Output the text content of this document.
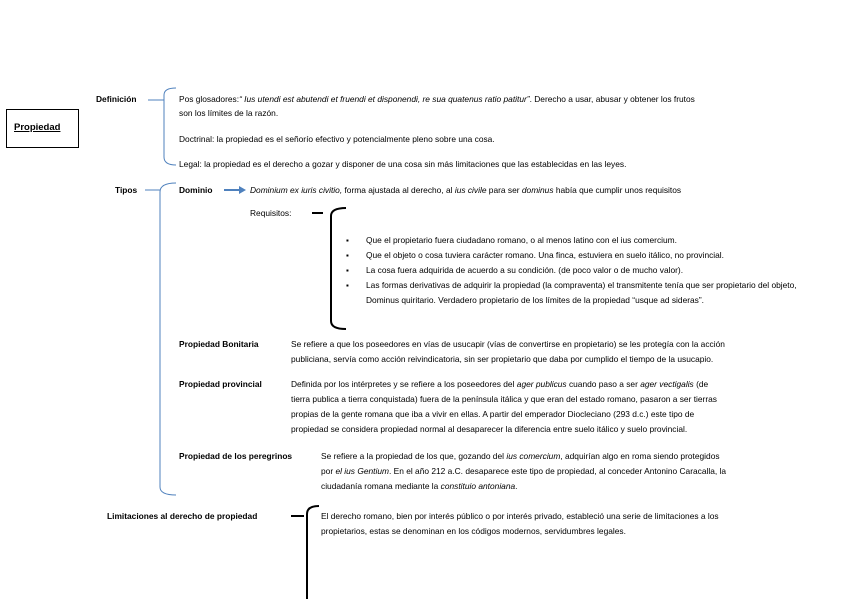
Propiedad
Definición	Pos glosadores:“ Ius utendi est abutendi et fruendi et disponendi, re sua quatenus ratio patitur”. Derecho a usar, abusar y obtener los frutos
son los límites de la razón.
Doctrinal: la propiedad es el señorío efectivo y potencialmente pleno sobre una cosa.
Legal: la propiedad es el derecho a gozar y disponer de una cosa sin más limitaciones que las establecidas en las leyes.
Tipos	Dominio	Dominium ex iuris civitio, forma ajustada al derecho, al ius civile para ser dominus había que cumplir unos requisitos
Requisitos:
▪ Que el propietario fuera ciudadano romano, o al menos latino con el ius comercium.
▪ Que el objeto o cosa tuviera carácter romano. Una finca, estuviera en suelo itálico, no provincial.
▪ La cosa fuera adquirida de acuerdo a su condición. (de poco valor o de mucho valor).
▪ Las formas derivativas de adquirir la propiedad (la compraventa) el transmitente tenía que ser propietario del objeto, Dominus quiritario. Verdadero propietario de los límites de la propiedad “usque ad sideras”.
Propiedad Bonitaria	Se refiere a que los poseedores en vías de usucapir (vías de convertirse en propietario) se les protegía con la acción
publiciana, servía como acción reivindicatoria, sin ser propietario que daba por cumplido el tiempo de la usucapio.
Propiedad provincial	Definida por los intérpretes y se refiere a los poseedores del ager publicus cuando paso a ser ager vectigalis (de
tierra publica a tierra conquistada) fuera de la península itálica y que eran del estado romano, pasaron a ser tierras
propias de la gente romana que iba a vivir en ellas. A partir del emperador Diocleciano (293 d.c.) este tipo de
propiedad se considera propiedad normal al desaparecer la diferencia entre suelo itálico y suelo provincial.
Propiedad de los peregrinos	Se refiere a la propiedad de los que, gozando del ius comercium, adquirían algo en roma siendo protegidos
por el ius Gentium. En el año 212 a.C. desaparece este tipo de propiedad, al conceder Antonino Caracalla, la
ciudadanía romana mediante la constituio antoniana.
Limitaciones al derecho de propiedad	El derecho romano, bien por interés público o por interés privado, estableció una serie de limitaciones a los
propietarios, estas se denominan en los códigos modernos, servidumbres legales.
